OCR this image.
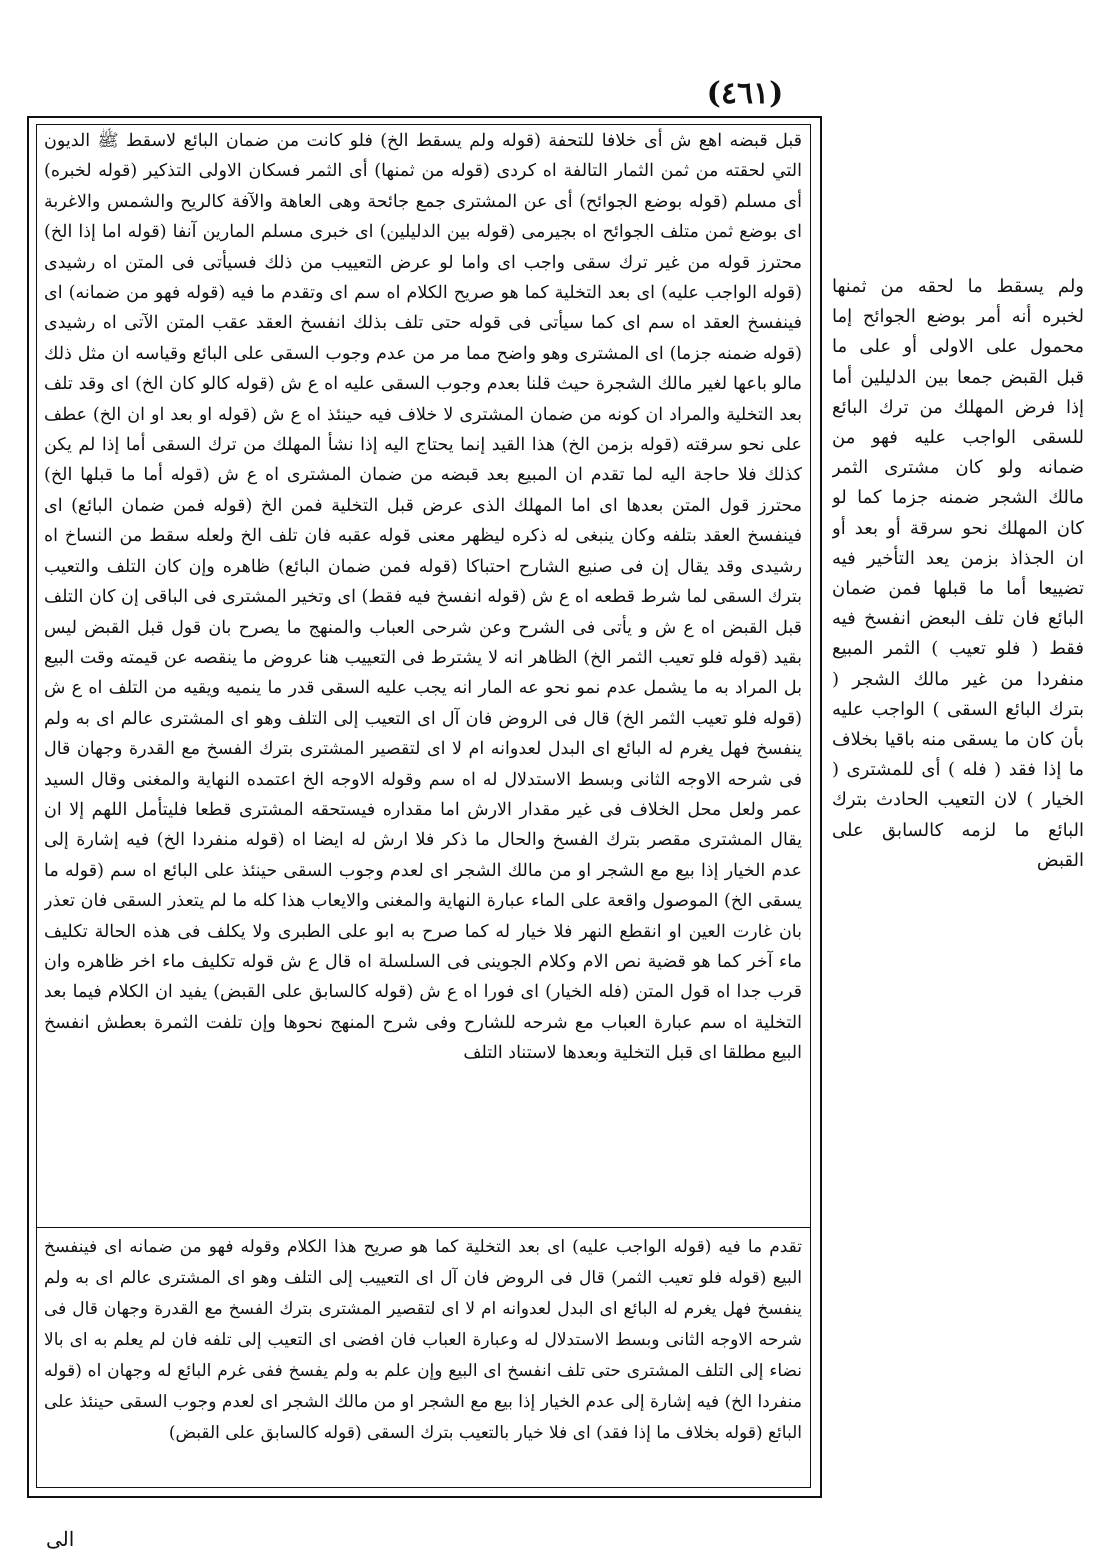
(٤٦١)
قبل قبضه اهع ش أى خلافا للتحفة (قوله ولم يسقط الخ) فلو كانت من ضمان البائع لاسقط ﷺ الديون التي لحقته من ثمن الثمار التالفة اه كردى (قوله من ثمنها) أى الثمر فسكان الاولى التذكير (قوله لخبره) أى مسلم (قوله بوضع الجوائح) أى عن المشترى جمع جائحة وهى العاهة والآفة كالريح والشمس والاغربة اى بوضع ثمن متلف الجوائح اه بجيرمى (قوله بين الدليلين) اى خبرى مسلم المارين آنفا (قوله اما إذا الخ) محترز قوله من غير ترك سقى واجب اى واما لو عرض التعييب من ذلك فسيأتى فى المتن اه رشيدى (قوله الواجب عليه) اى بعد التخلية كما هو صريح الكلام اه سم اى وتقدم ما فيه (قوله فهو من ضمانه) اى فينفسخ العقد اه سم اى كما سيأتى فى قوله حتى تلف بذلك انفسخ العقد عقب المتن الآتى اه رشيدى (قوله ضمنه جزما) اى المشترى وهو واضح مما مر من عدم وجوب السقى على البائع وقياسه ان مثل ذلك مالو باعها لغير مالك الشجرة حيث قلنا بعدم وجوب السقى عليه اه ع ش (قوله كالو كان الخ) اى وقد تلف بعد التخلية والمراد ان كونه من ضمان المشترى لا خلاف فيه حينئذ اه ع ش (قوله او بعد او ان الخ) عطف على نحو سرقته (قوله بزمن الخ) هذا القيد إنما يحتاج اليه إذا نشأ المهلك من ترك السقى أما إذا لم يكن كذلك فلا حاجة اليه لما تقدم ان المبيع بعد قبضه من ضمان المشترى اه ع ش (قوله أما ما قبلها الخ) محترز قول المتن بعدها اى اما المهلك الذى عرض قبل التخلية فمن الخ (قوله فمن ضمان البائع) اى فينفسخ العقد بتلفه وكان ينبغى له ذكره ليظهر معنى قوله عقبه فان تلف الخ ولعله سقط من النساخ اه رشيدى وقد يقال إن فى صنيع الشارح احتباكا (قوله فمن ضمان البائع) ظاهره وإن كان التلف والتعيب بترك السقى لما شرط قطعه اه ع ش (قوله انفسخ فيه فقط) اى وتخير المشترى فى الباقى إن كان التلف قبل القبض اه ع ش و يأتى فى الشرح وعن شرحى العباب والمنهج ما يصرح بان قول قبل القبض ليس بقيد (قوله فلو تعيب الثمر الخ) الظاهر انه لا يشترط فى التعييب هنا عروض ما ينقصه عن قيمته وقت البيع بل المراد به ما يشمل عدم نمو نحو عه المار انه يجب عليه السقى قدر ما ينميه ويقيه من التلف اه ع ش (قوله فلو تعيب الثمر الخ) قال فى الروض فان آل اى التعيب إلى التلف وهو اى المشترى عالم اى به ولم ينفسخ فهل يغرم له البائع اى البدل لعدوانه ام لا اى لتقصير المشترى بترك الفسخ مع القدرة وجهان قال فى شرحه الاوجه الثانى وبسط الاستدلال له اه سم وقوله الاوجه الخ اعتمده النهاية والمغنى وقال السيد عمر ولعل محل الخلاف فى غير مقدار الارش اما مقداره فيستحقه المشترى قطعا فليتأمل اللهم إلا ان يقال المشترى مقصر بترك الفسخ والحال ما ذكر فلا ارش له ايضا اه (قوله منفردا الخ) فيه إشارة إلى عدم الخيار إذا بيع مع الشجر او من مالك الشجر اى لعدم وجوب السقى حينئذ على البائع اه سم (قوله ما يسقى الخ) الموصول واقعة على الماء عبارة النهاية والمغنى والايعاب هذا كله ما لم يتعذر السقى فان تعذر بان غارت العين او انقطع النهر فلا خيار له كما صرح به ابو على الطبرى ولا يكلف فى هذه الحالة تكليف ماء آخر كما هو قضية نص الام وكلام الجوينى فى السلسلة اه قال ع ش قوله تكليف ماء اخر ظاهره وان قرب جدا اه قول المتن (فله الخيار) اى فورا اه ع ش (قوله كالسابق على القبض) يفيد ان الكلام فيما بعد التخلية اه سم عبارة العباب مع شرحه للشارح وفى شرح المنهج نحوها وإن تلفت الثمرة بعطش انفسخ البيع مطلقا اى قبل التخلية وبعدها لاستناد التلف
تقدم ما فيه (قوله الواجب عليه) اى بعد التخلية كما هو صريح هذا الكلام وقوله فهو من ضمانه اى فينفسخ البيع (قوله فلو تعيب الثمر) قال فى الروض فان آل اى التعييب إلى التلف وهو اى المشترى عالم اى به ولم ينفسخ فهل يغرم له البائع اى البدل لعدوانه ام لا اى لتقصير المشترى بترك الفسخ مع القدرة وجهان قال فى شرحه الاوجه الثانى وبسط الاستدلال له وعبارة العباب فان افضى اى التعيب إلى تلفه فان لم يعلم به اى بالا نضاء إلى التلف المشترى حتى تلف انفسخ اى البيع وإن علم به ولم يفسخ ففى غرم البائع له وجهان اه (قوله منفردا الخ) فيه إشارة إلى عدم الخيار إذا بيع مع الشجر او من مالك الشجر اى لعدم وجوب السقى حينئذ على البائع (قوله بخلاف ما إذا فقد) اى فلا خيار بالتعيب بترك السقى (قوله كالسابق على القبض)
ولم يسقط ما لحقه من ثمنها لخبره أنه أمر بوضع الجوائح إما محمول على الاولى أو على ما قبل القبض جمعا بين الدليلين أما إذا فرض المهلك من ترك البائع للسقى الواجب عليه فهو من ضمانه ولو كان مشترى الثمر مالك الشجر ضمنه جزما كما لو كان المهلك نحو سرقة أو بعد أو ان الجذاذ بزمن يعد التأخير فيه تضييعا أما ما قبلها فمن ضمان البائع فان تلف البعض انفسخ فيه فقط ( فلو تعيب ) الثمر المبيع منفردا من غير مالك الشجر ( بترك البائع السقى ) الواجب عليه بأن كان ما يسقى منه باقيا بخلاف ما إذا فقد ( فله ) أى للمشترى ( الخيار ) لان التعيب الحادث بترك البائع ما لزمه كالسابق على القبض
الى
